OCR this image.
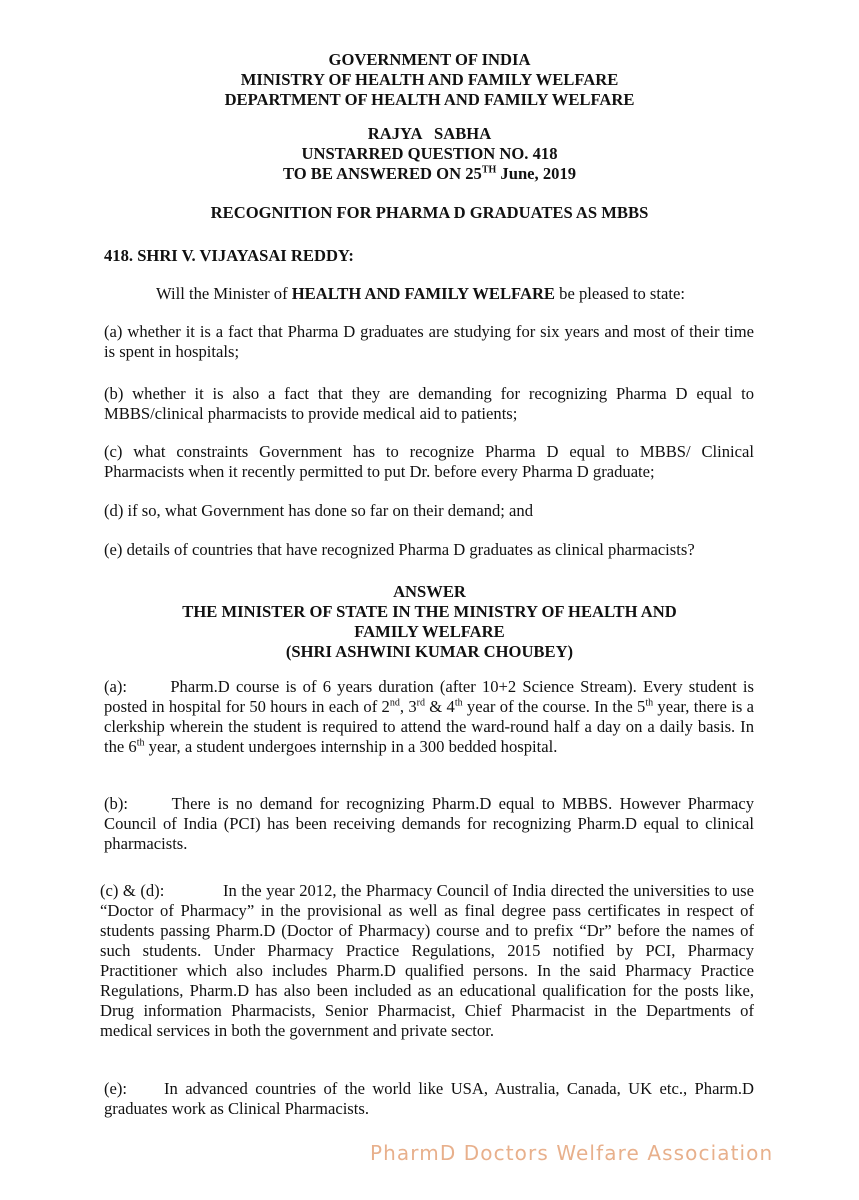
GOVERNMENT OF INDIA

MINISTRY OF HEALTH AND FAMILY WELFARE

DEPARTMENT OF HEALTH AND FAMILY WELFARE

RAJYA   SABHA

UNSTARRED QUESTION NO. 418

TO BE ANSWERED ON 25TH June, 2019

RECOGNITION FOR PHARMA D GRADUATES AS MBBS

418. SHRI V. VIJAYASAI REDDY:

Will the Minister of HEALTH AND FAMILY WELFARE be pleased to state:

(a) whether it is a fact that Pharma D graduates are studying for six years and most of their time is spent in hospitals;

(b) whether it is also a fact that they are demanding for recognizing Pharma D equal to MBBS/clinical pharmacists to provide medical aid to patients;

(c) what constraints Government has to recognize Pharma D equal to MBBS/ Clinical Pharmacists when it recently permitted to put Dr. before every Pharma D graduate;

(d) if so, what Government has done so far on their demand; and

(e) details of countries that have recognized Pharma D graduates as clinical pharmacists?

ANSWER

THE MINISTER OF STATE IN THE MINISTRY OF HEALTH AND

FAMILY WELFARE

(SHRI ASHWINI KUMAR CHOUBEY)

(a):	Pharm.D course is of 6 years duration (after 10+2 Science Stream). Every student is posted in hospital for 50 hours in each of 2nd, 3rd & 4th year of the course. In the 5th year, there is a clerkship wherein the student is required to attend the ward-round half a day on a daily basis. In the 6th year, a student undergoes internship in a 300 bedded hospital.

(b):	There is no demand for recognizing Pharm.D equal to MBBS. However Pharmacy Council of India (PCI) has been receiving demands for recognizing Pharm.D equal to clinical pharmacists.

(c) & (d):	In the year 2012, the Pharmacy Council of India directed the universities to use “Doctor of Pharmacy” in the provisional as well as final degree pass certificates in respect of students passing Pharm.D (Doctor of Pharmacy) course and to prefix “Dr” before the names of such students. Under Pharmacy Practice Regulations, 2015 notified by PCI, Pharmacy Practitioner which also includes Pharm.D qualified persons. In the said Pharmacy Practice Regulations, Pharm.D has also been included as an educational qualification for the posts like, Drug information Pharmacists, Senior Pharmacist, Chief Pharmacist in the Departments of medical services in both the government and private sector.

(e): In advanced countries of the world like USA, Australia, Canada, UK etc., Pharm.D graduates work as Clinical Pharmacists.

PharmD Doctors Welfare Association
